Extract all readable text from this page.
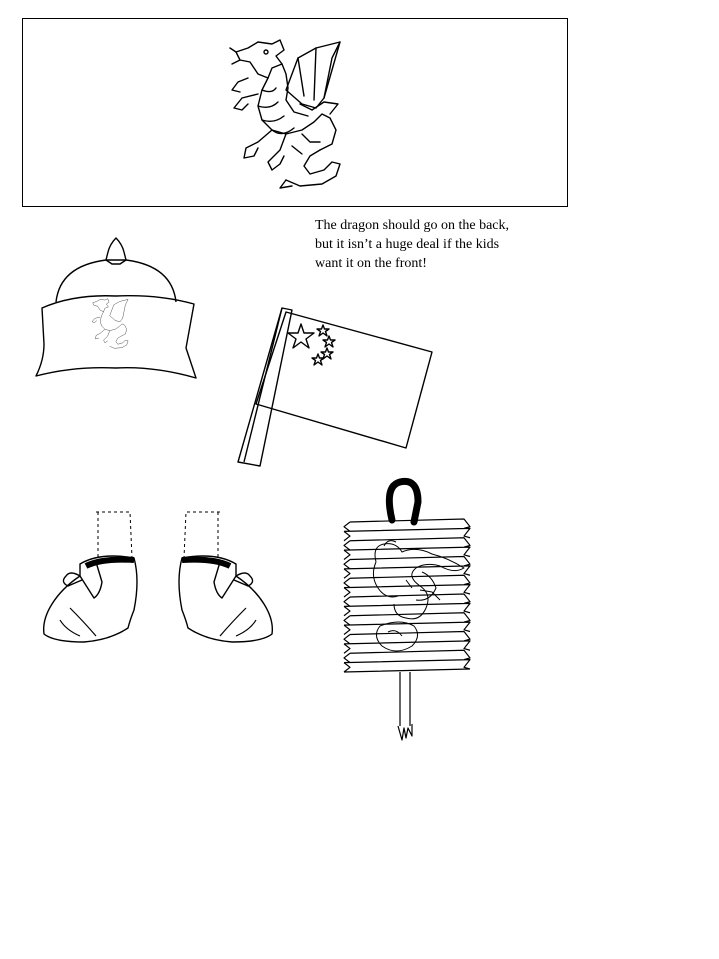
The dragon should go on the back,
but it isn’t a huge deal if the kids
want it on the front!
